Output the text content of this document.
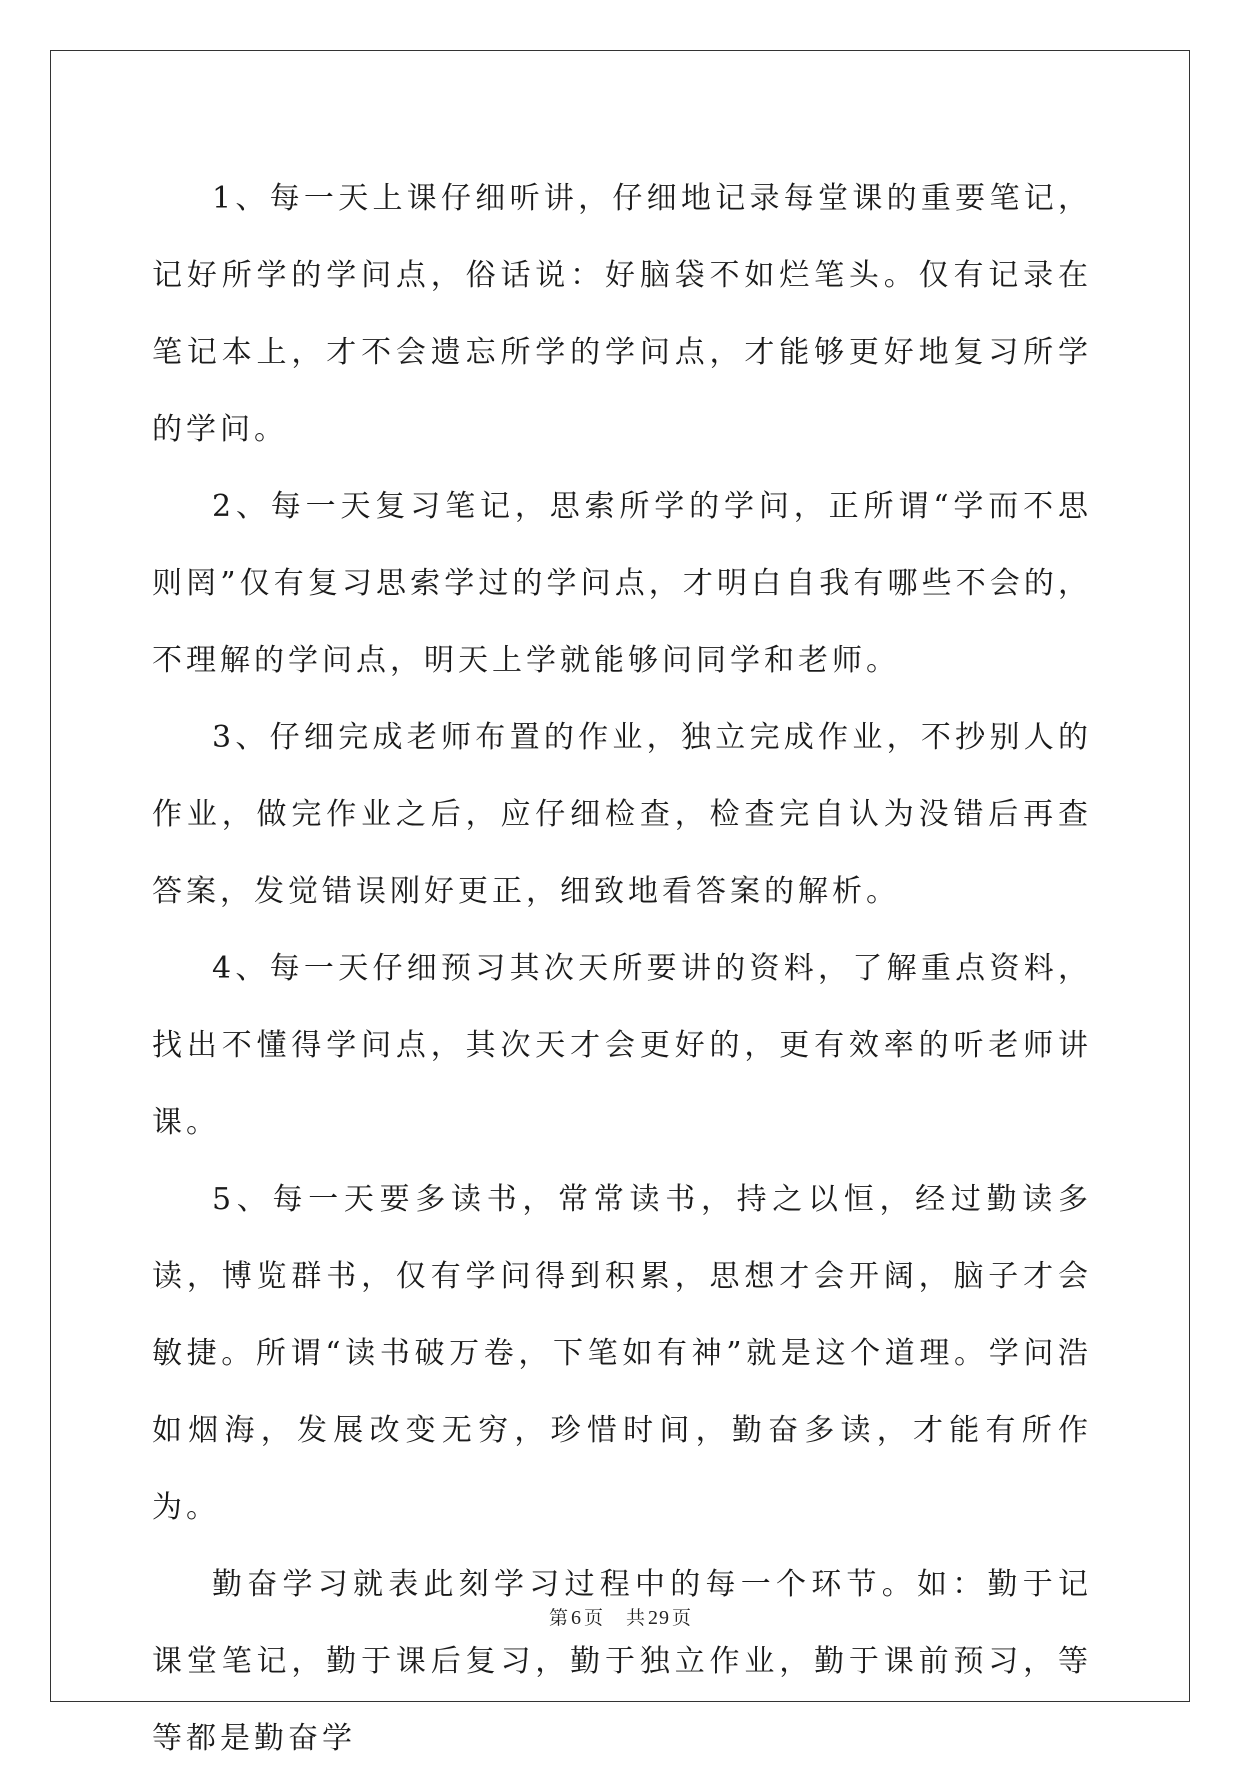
1、每一天上课仔细听讲，仔细地记录每堂课的重要笔记，记好所学的学问点，俗话说：好脑袋不如烂笔头。仅有记录在笔记本上，才不会遗忘所学的学问点，才能够更好地复习所学的学问。

2、每一天复习笔记，思索所学的学问，正所谓“学而不思则罔”仅有复习思索学过的学问点，才明白自我有哪些不会的，不理解的学问点，明天上学就能够问同学和老师。

3、仔细完成老师布置的作业，独立完成作业，不抄别人的作业，做完作业之后，应仔细检查，检查完自认为没错后再查答案，发觉错误刚好更正，细致地看答案的解析。

4、每一天仔细预习其次天所要讲的资料，了解重点资料，找出不懂得学问点，其次天才会更好的，更有效率的听老师讲课。

5、每一天要多读书，常常读书，持之以恒，经过勤读多读，博览群书，仅有学问得到积累，思想才会开阔，脑子才会敏捷。所谓“读书破万卷，下笔如有神”就是这个道理。学问浩如烟海，发展改变无穷，珍惜时间，勤奋多读，才能有所作为。

勤奋学习就表此刻学习过程中的每一个环节。如：勤于记课堂笔记，勤于课后复习，勤于独立作业，勤于课前预习，等等都是勤奋学

第 6 页 共 29 页
